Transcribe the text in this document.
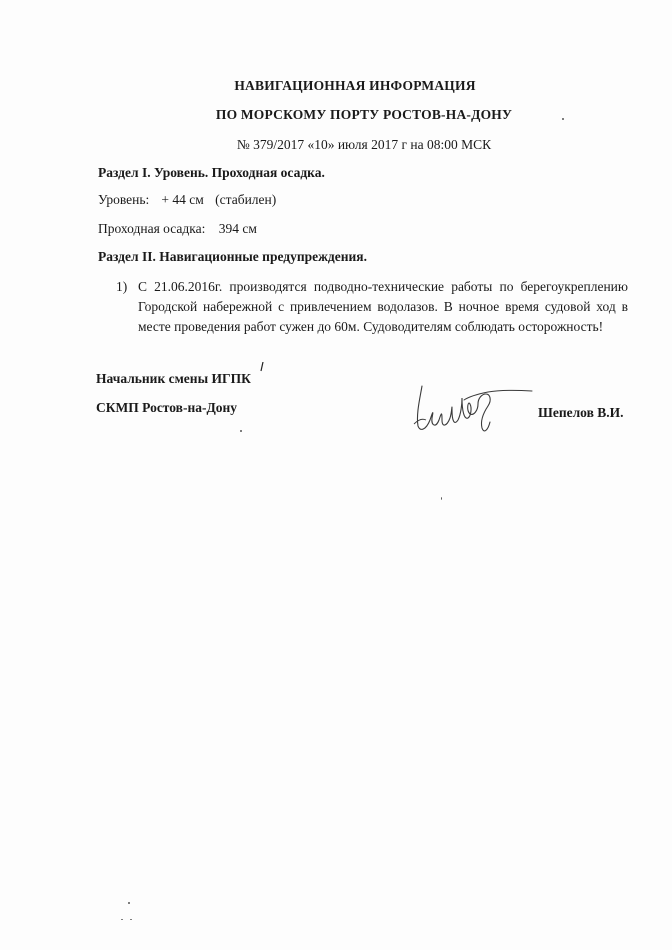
НАВИГАЦИОННАЯ ИНФОРМАЦИЯ
ПО МОРСКОМУ ПОРТУ РОСТОВ-НА-ДОНУ
№ 379/2017 «10» июля 2017 г на 08:00 МСК
Раздел I. Уровень. Проходная осадка.
Уровень: + 44 см (стабилен)
Проходная осадка: 394 см
Раздел II. Навигационные предупреждения.
1) С 21.06.2016г. производятся подводно-технические работы по берегоукреплению Городской набережной с привлечением водолазов. В ночное время судовой ход в месте проведения работ сужен до 60м. Судоводителям соблюдать осторожность!
Начальник смены ИГПК
СКМП Ростов-на-Дону	Шепелов В.И.
